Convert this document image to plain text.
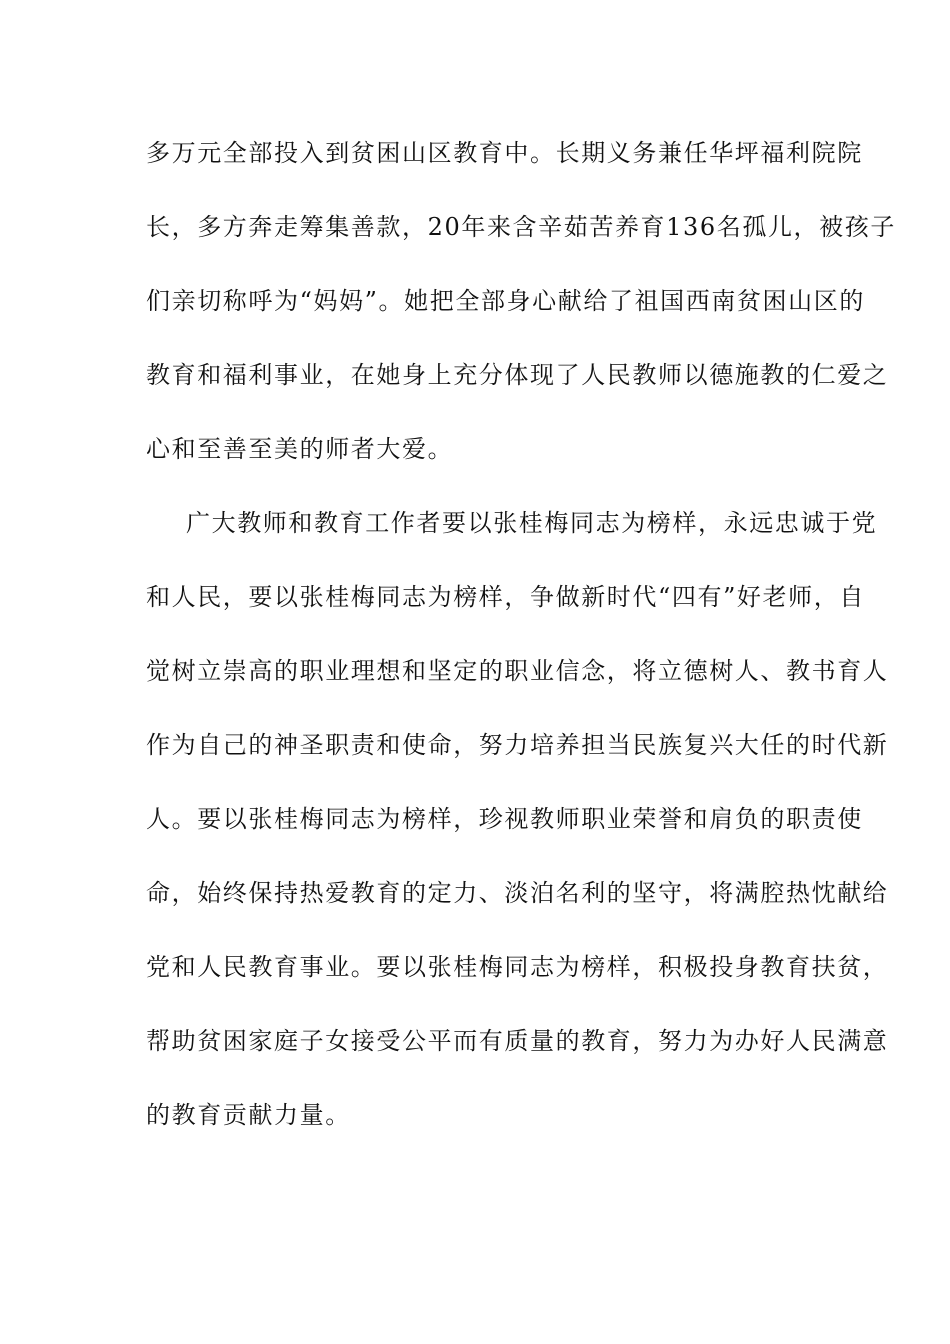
多万元全部投入到贫困山区教育中。长期义务兼任华坪福利院院
长，多方奔走筹集善款，20年来含辛茹苦养育136名孤儿，被孩子
们亲切称呼为“妈妈”。她把全部身心献给了祖国西南贫困山区的
教育和福利事业，在她身上充分体现了人民教师以德施教的仁爱之
心和至善至美的师者大爱。
广大教师和教育工作者要以张桂梅同志为榜样，永远忠诚于党
和人民，要以张桂梅同志为榜样，争做新时代“四有”好老师，自
觉树立崇高的职业理想和坚定的职业信念，将立德树人、教书育人
作为自己的神圣职责和使命，努力培养担当民族复兴大任的时代新
人。要以张桂梅同志为榜样，珍视教师职业荣誉和肩负的职责使
命，始终保持热爱教育的定力、淡泊名利的坚守，将满腔热忱献给
党和人民教育事业。要以张桂梅同志为榜样，积极投身教育扶贫，
帮助贫困家庭子女接受公平而有质量的教育，努力为办好人民满意
的教育贡献力量。
